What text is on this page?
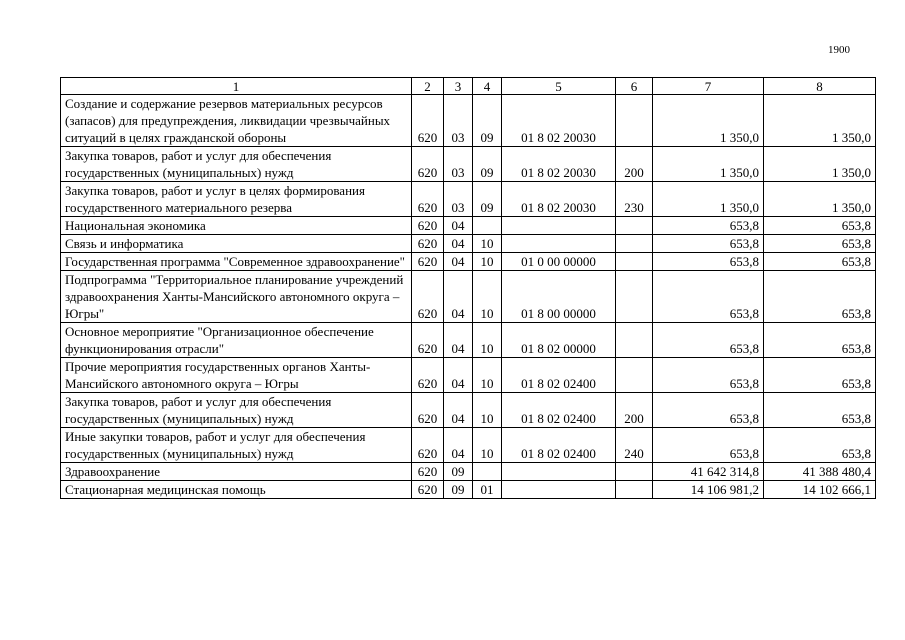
1900
1	2	3	4	5	6	7	8
Создание и содержание резервов материальных ресурсов (запасов) для предупреждения, ликвидации чрезвычайных ситуаций в целях гражданской обороны	620	03	09	01 8 02 20030		1 350,0	1 350,0
Закупка товаров, работ и услуг для обеспечения государственных (муниципальных) нужд	620	03	09	01 8 02 20030	200	1 350,0	1 350,0
Закупка товаров, работ и услуг в целях формирования государственного материального резерва	620	03	09	01 8 02 20030	230	1 350,0	1 350,0
Национальная экономика	620	04				653,8	653,8
Связь и информатика	620	04	10			653,8	653,8
Государственная программа "Современное здравоохранение"	620	04	10	01 0 00 00000		653,8	653,8
Подпрограмма "Территориальное планирование учреждений здравоохранения Ханты-Мансийского автономного округа – Югры"	620	04	10	01 8 00 00000		653,8	653,8
Основное мероприятие "Организационное обеспечение функционирования отрасли"	620	04	10	01 8 02 00000		653,8	653,8
Прочие мероприятия государственных органов Ханты-Мансийского автономного округа – Югры	620	04	10	01 8 02 02400		653,8	653,8
Закупка товаров, работ и услуг для обеспечения государственных (муниципальных) нужд	620	04	10	01 8 02 02400	200	653,8	653,8
Иные закупки товаров, работ и услуг для обеспечения государственных (муниципальных) нужд	620	04	10	01 8 02 02400	240	653,8	653,8
Здравоохранение	620	09				41 642 314,8	41 388 480,4
Стационарная медицинская помощь	620	09	01			14 106 981,2	14 102 666,1
